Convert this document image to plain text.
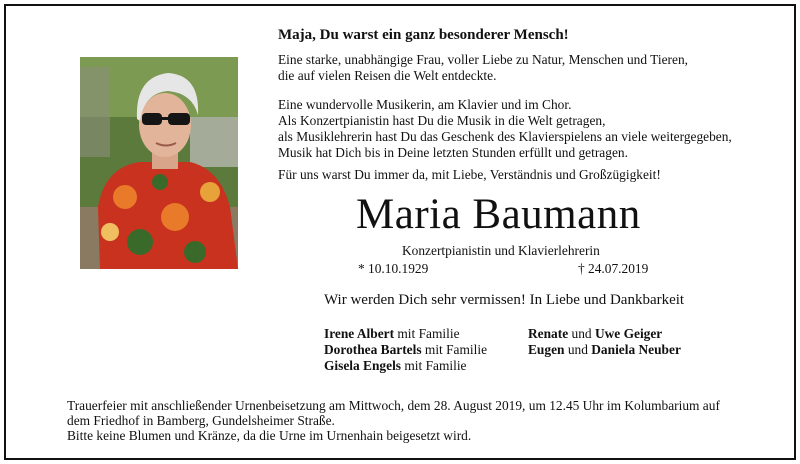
Maja, Du warst ein ganz besonderer Mensch!
Eine starke, unabhängige Frau, voller Liebe zu Natur, Menschen und Tieren,
die auf vielen Reisen die Welt entdeckte.
Eine wundervolle Musikerin, am Klavier und im Chor.
Als Konzertpianistin hast Du die Musik in die Welt getragen,
als Musiklehrerin hast Du das Geschenk des Klavierspielens an viele weitergegeben,
Musik hat Dich bis in Deine letzten Stunden erfüllt und getragen.
Für uns warst Du immer da, mit Liebe, Verständnis und Großzügigkeit!
Maria Baumann
Konzertpianistin und Klavierlehrerin
* 10.10.1929	† 24.07.2019
Wir werden Dich sehr vermissen! In Liebe und Dankbarkeit
Irene Albert mit Familie
Dorothea Bartels mit Familie
Gisela Engels mit Familie
Renate und Uwe Geiger
Eugen und Daniela Neuber
Trauerfeier mit anschließender Urnenbeisetzung am Mittwoch, dem 28. August 2019, um 12.45 Uhr im Kolumbarium auf
dem Friedhof in Bamberg, Gundelsheimer Straße.
Bitte keine Blumen und Kränze, da die Urne im Urnenhain beigesetzt wird.
